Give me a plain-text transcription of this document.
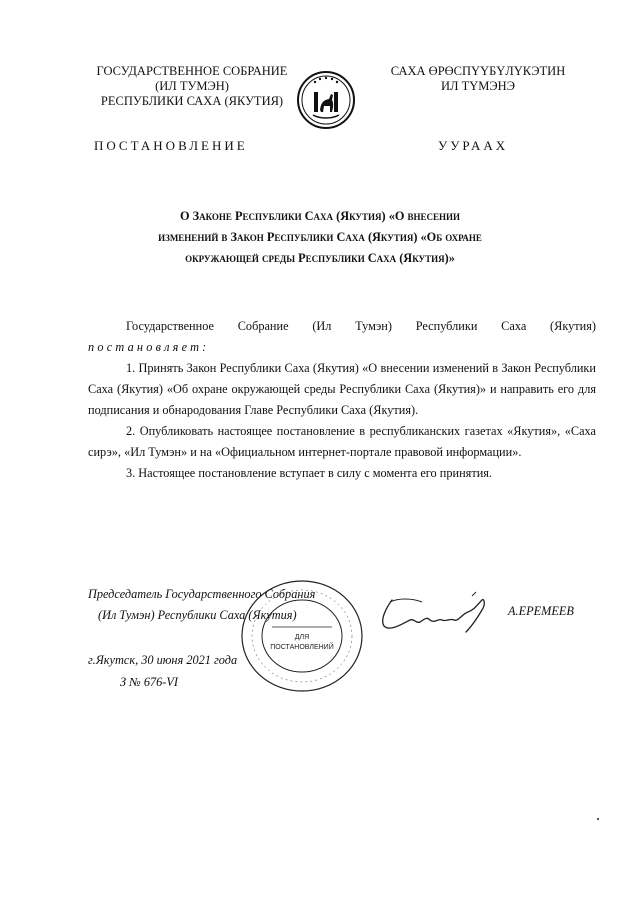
ГОСУДАРСТВЕННОЕ СОБРАНИЕ
(ИЛ ТУМЭН)
РЕСПУБЛИКИ САХА (ЯКУТИЯ)
САХА ӨРӨСПҮҮБҮЛҮКЭТИН
ИЛ ТҮМЭНЭ
ПОСТАНОВЛЕНИЕ	УУРААХ
О Законе Республики Саха (Якутия) «О внесении
изменений в Закон Республики Саха (Якутия) «Об охране
окружающей среды Республики Саха (Якутия)»

Государственное Собрание (Ил Тумэн) Республики Саха (Якутия)

постановляет:

1. Принять Закон Республики Саха (Якутия) «О внесении изменений в Закон Республики Саха (Якутия) «Об охране окружающей среды Республики Саха (Якутия)» и направить его для подписания и обнародования Главе Республики Саха (Якутия).

2. Опубликовать настоящее постановление в республиканских газетах «Якутия», «Саха сирэ», «Ил Тумэн» и на «Официальном интернет-портале правовой информации».

3. Настоящее постановление вступает в силу с момента его принятия.

Председатель Государственного Собрания
(Ил Тумэн) Республики Саха (Якутия)
ДЛЯ
ПОСТАНОВЛЕНИЙ
А.ЕРЕМЕЕВ
г.Якутск, 30 июня 2021 года
З № 676-VI
